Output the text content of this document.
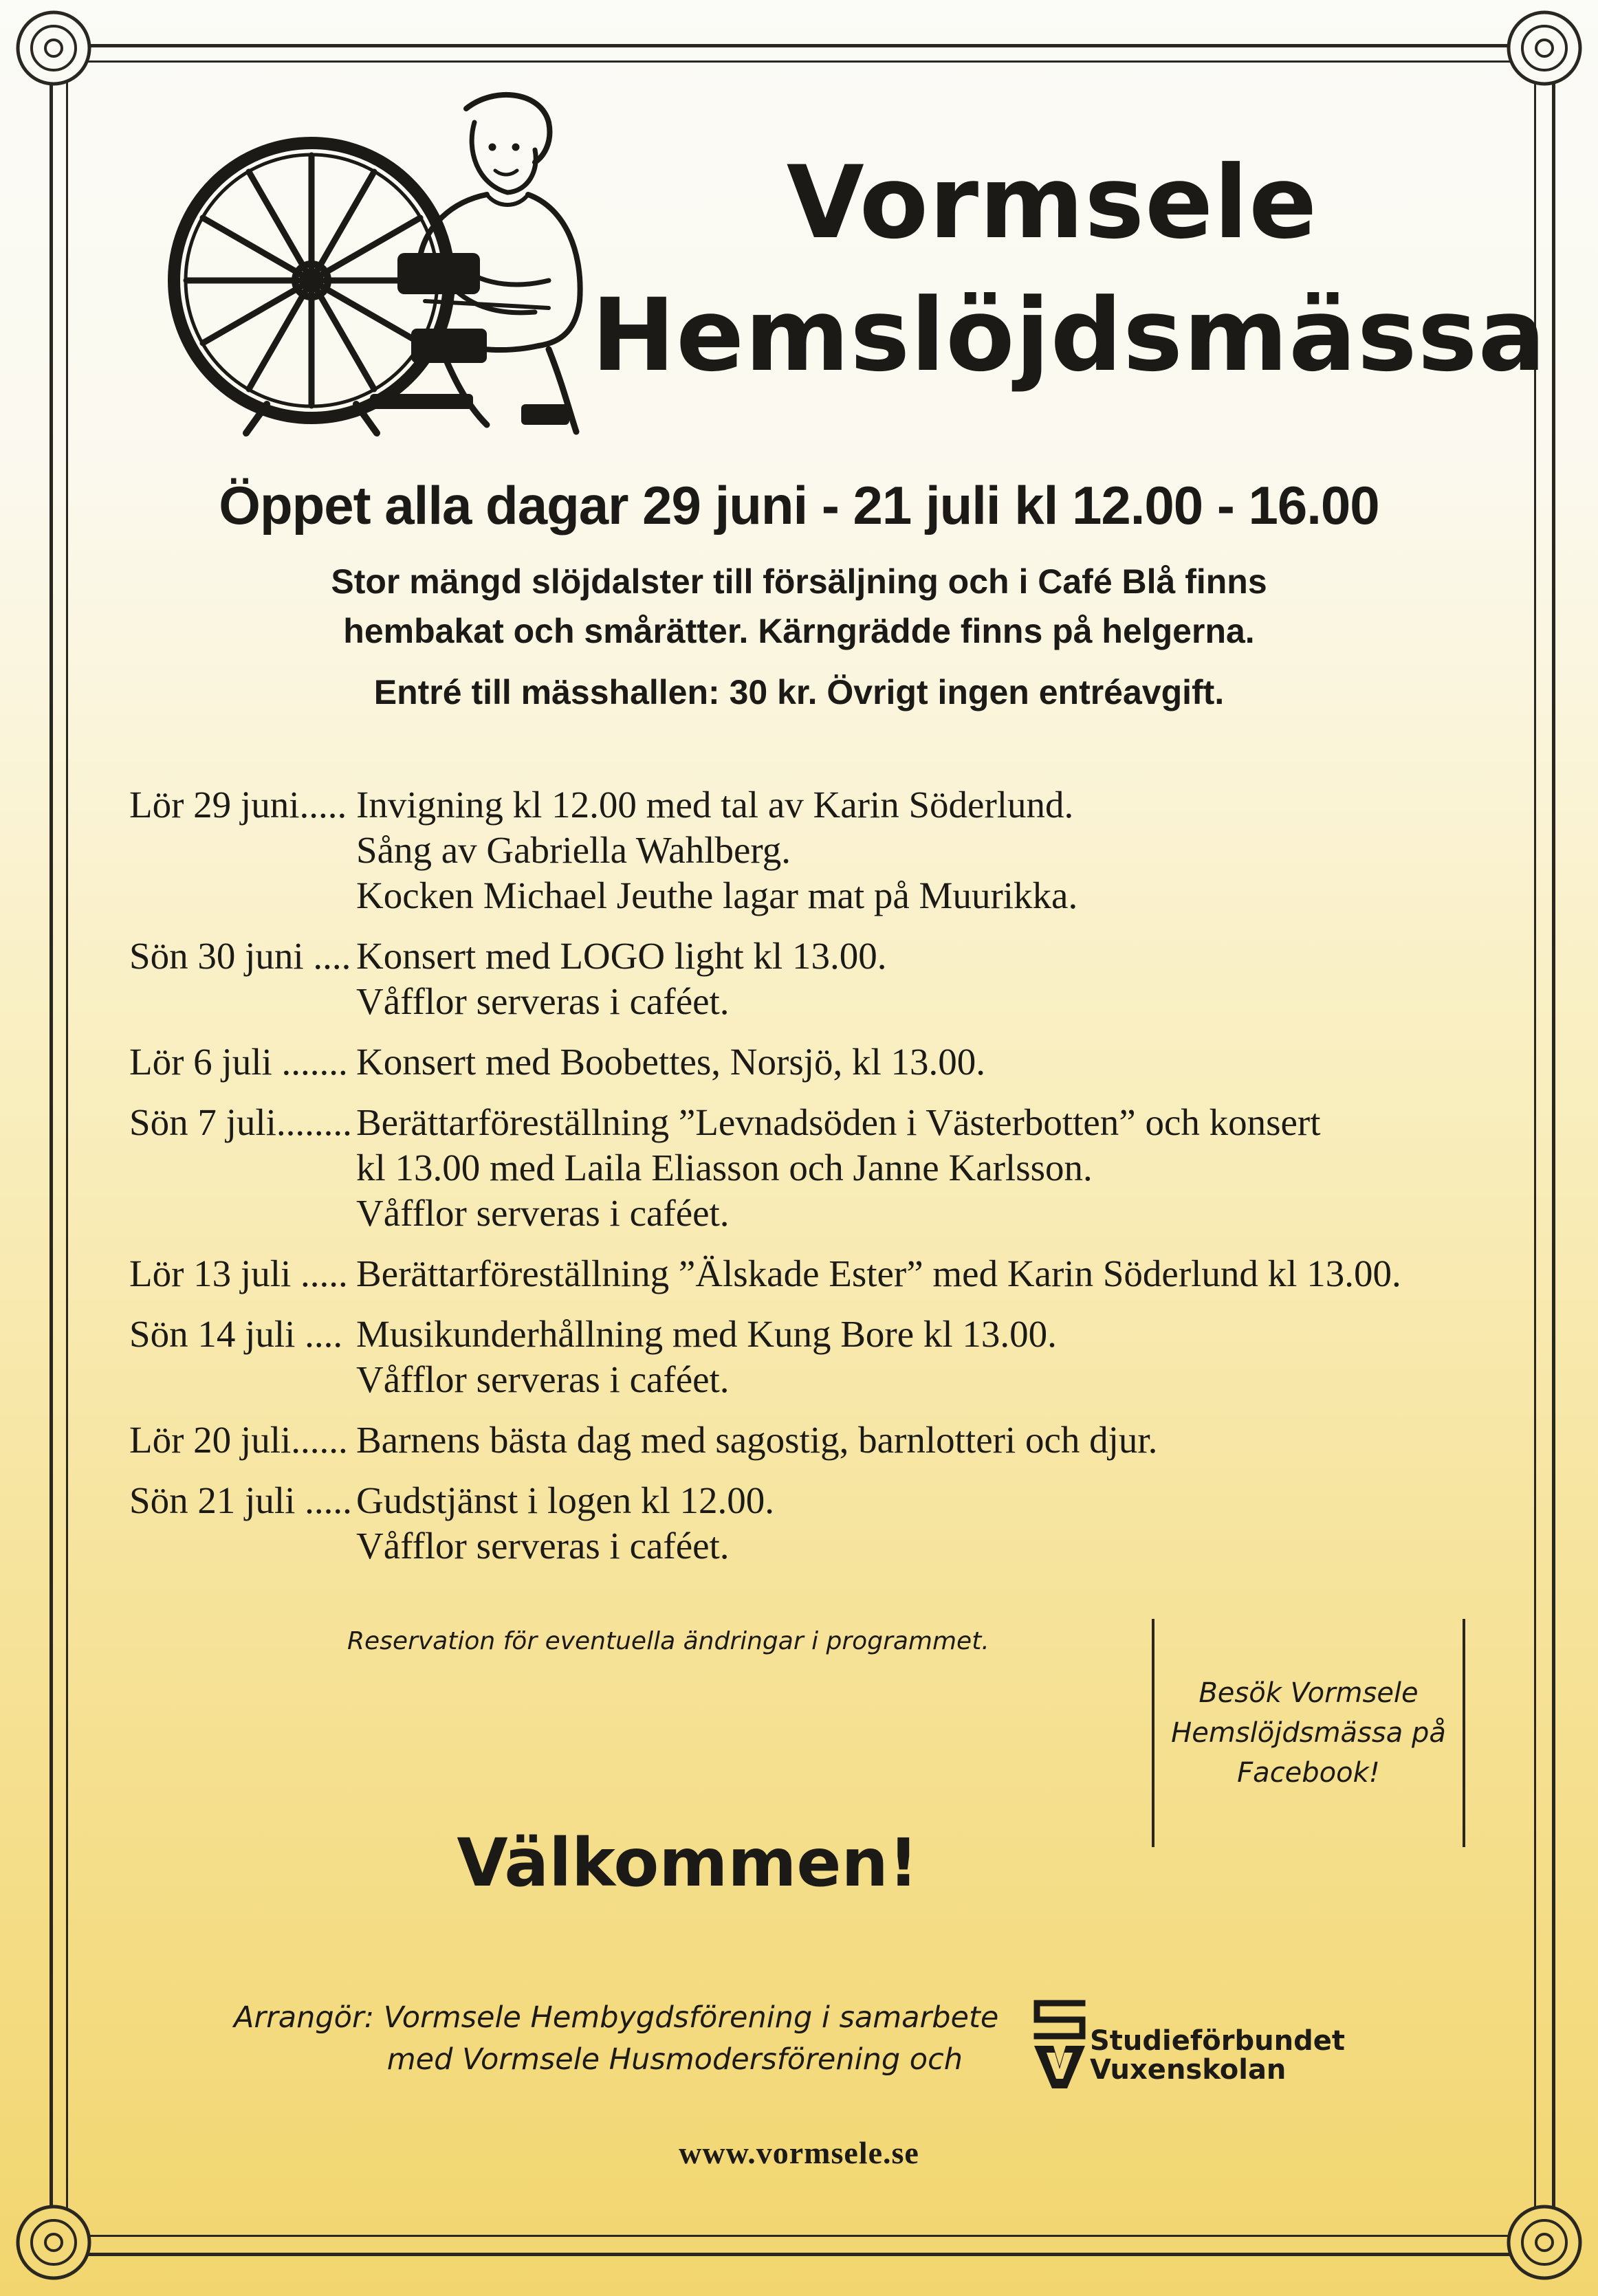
Vormsele
Hemslöjdsmässa
Öppet alla dagar 29 juni - 21 juli kl 12.00 - 16.00
Stor mängd slöjdalster till försäljning och i Café Blå finns
hembakat och smårätter. Kärngrädde finns på helgerna.
Entré till mässhallen: 30 kr. Övrigt ingen entréavgift.
Lör 29 juni..... Invigning kl 12.00 med tal av Karin Söderlund.
Sång av Gabriella Wahlberg.
Kocken Michael Jeuthe lagar mat på Muurikka.
Sön 30 juni .... Konsert med LOGO light kl 13.00.
Våfflor serveras i caféet.
Lör 6 juli ....... Konsert med Boobettes, Norsjö, kl 13.00.
Sön 7 juli........ Berättarföreställning ”Levnadsöden i Västerbotten” och konsert
kl 13.00 med Laila Eliasson och Janne Karlsson.
Våfflor serveras i caféet.
Lör 13 juli ..... Berättarföreställning ”Älskade Ester” med Karin Söderlund kl 13.00.
Sön 14 juli .... Musikunderhållning med Kung Bore kl 13.00.
Våfflor serveras i caféet.
Lör 20 juli...... Barnens bästa dag med sagostig, barnlotteri och djur.
Sön 21 juli ..... Gudstjänst i logen kl 12.00.
Våfflor serveras i caféet.
Reservation för eventuella ändringar i programmet.
Besök Vormsele
Hemslöjdsmässa på
Facebook!
Välkommen!
Arrangör: Vormsele Hembygdsförening i samarbete
med Vormsele Husmodersförening och
Studieförbundet
Vuxenskolan
www.vormsele.se
